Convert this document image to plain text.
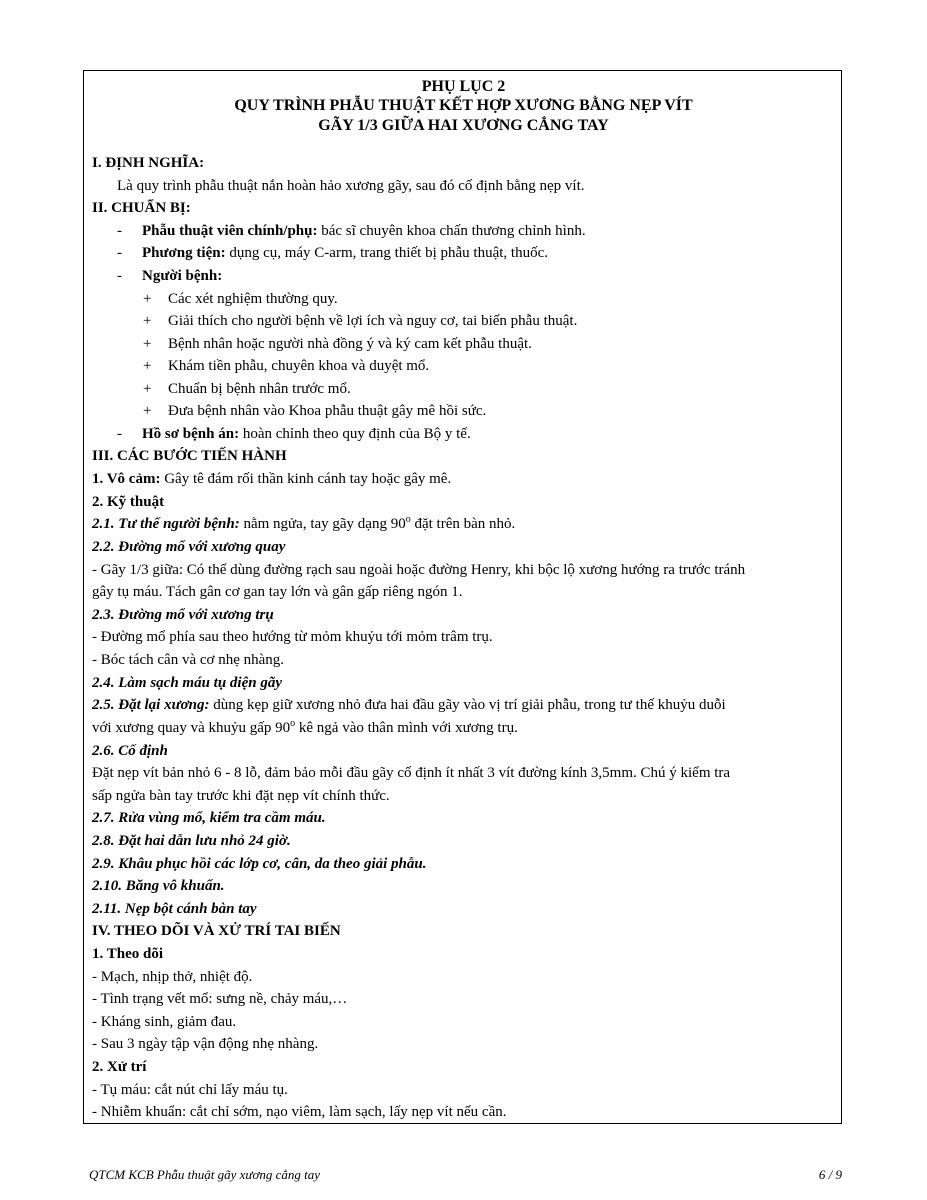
PHỤ LỤC 2
QUY TRÌNH PHẪU THUẬT KẾT HỢP XƯƠNG BẰNG NẸP VÍT
GÃY 1/3 GIỮA HAI XƯƠNG CẲNG TAY
I. ĐỊNH NGHĨA:
Là quy trình phẫu thuật nắn hoàn hảo xương gãy, sau đó cố định bằng nẹp vít.
II. CHUẨN BỊ:
- Phẫu thuật viên chính/phụ: bác sĩ chuyên khoa chấn thương chỉnh hình.
- Phương tiện: dụng cụ, máy C-arm, trang thiết bị phẫu thuật, thuốc.
- Người bệnh:
+ Các xét nghiệm thường quy.
+ Giải thích cho người bệnh về lợi ích và nguy cơ, tai biến phẫu thuật.
+ Bệnh nhân hoặc người nhà đồng ý và ký cam kết phẫu thuật.
+ Khám tiền phẫu, chuyên khoa và duyệt mổ.
+ Chuẩn bị bệnh nhân trước mổ.
+ Đưa bệnh nhân vào Khoa phẫu thuật gây mê hồi sức.
- Hồ sơ bệnh án: hoàn chỉnh theo quy định của Bộ y tế.
III. CÁC BƯỚC TIẾN HÀNH
1. Vô cảm: Gây tê đám rối thần kinh cánh tay hoặc gây mê.
2. Kỹ thuật
2.1. Tư thế người bệnh: nằm ngửa, tay gãy dạng 90$^o$ đặt trên bàn nhỏ.
2.2. Đường mổ với xương quay
- Gãy 1/3 giữa: Có thể dùng đường rạch sau ngoài hoặc đường Henry, khi bộc lộ xương hướng ra trước tránh
gây tụ máu. Tách gân cơ gan tay lớn và gân gấp riêng ngón 1.
2.3. Đường mổ với xương trụ
- Đường mổ phía sau theo hướng từ mỏm khuỷu tới mỏm trâm trụ.
- Bóc tách cân và cơ nhẹ nhàng.
2.4. Làm sạch máu tụ diện gãy
2.5. Đặt lại xương: dùng kẹp giữ xương nhỏ đưa hai đầu gãy vào vị trí giải phẫu, trong tư thế khuỷu duỗi
với xương quay và khuỷu gấp 90$^o$ kê ngả vào thân mình với xương trụ.
2.6. Cố định
Đặt nẹp vít bản nhỏ 6 - 8 lỗ, đảm bảo mỗi đầu gãy cố định ít nhất 3 vít đường kính 3,5mm. Chú ý kiểm tra
sấp ngửa bàn tay trước khi đặt nẹp vít chính thức.
2.7. Rửa vùng mổ, kiểm tra cầm máu.
2.8. Đặt hai dẫn lưu nhỏ 24 giờ.
2.9. Khâu phục hồi các lớp cơ, cân, da theo giải phẫu.
2.10. Băng vô khuẩn.
2.11. Nẹp bột cánh bàn tay
IV. THEO DÕI VÀ XỬ TRÍ TAI BIẾN
1. Theo dõi
- Mạch, nhịp thở, nhiệt độ.
- Tình trạng vết mổ: sưng nề, chảy máu,…
- Kháng sinh, giảm đau.
- Sau 3 ngày tập vận động nhẹ nhàng.
2. Xử trí
- Tụ máu: cắt nút chỉ lấy máu tụ.
- Nhiễm khuẩn: cắt chỉ sớm, nạo viêm, làm sạch, lấy nẹp vít nếu cần.
QTCM KCB Phẫu thuật gãy xương cẳng tay	6 / 9
